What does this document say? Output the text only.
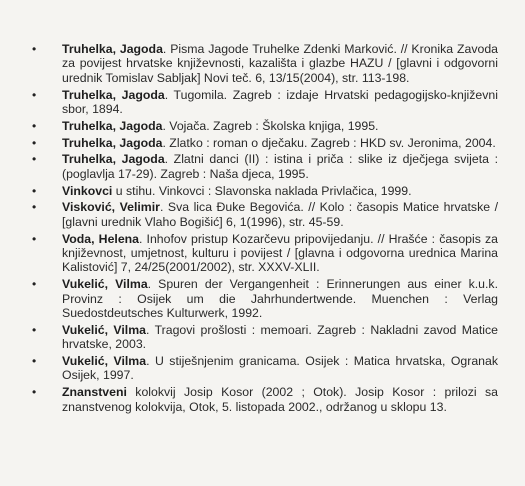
• Truhelka, Jagoda. Pisma Jagode Truhelke Zdenki Marković. // Kronika Zavoda za povijest hrvatske književnosti, kazališta i glazbe HAZU / [glavni i odgovorni urednik Tomislav Sabljak] Novi teč. 6, 13/15(2004), str. 113-198.
• Truhelka, Jagoda. Tugomila. Zagreb : izdaje Hrvatski pedagogijsko-književni sbor, 1894.
• Truhelka, Jagoda. Vojača. Zagreb : Školska knjiga, 1995.
• Truhelka, Jagoda. Zlatko : roman o dječaku. Zagreb : HKD sv. Jeronima, 2004.
• Truhelka, Jagoda. Zlatni danci (II) : istina i priča : slike iz dječjega svijeta : (poglavlja 17-29). Zagreb : Naša djeca, 1995.
• Vinkovci u stihu. Vinkovci : Slavonska naklada Privlačica, 1999.
• Visković, Velimir. Sva lica Đuke Begovića. // Kolo : časopis Matice hrvatske / [glavni urednik Vlaho Bogišić] 6, 1(1996), str. 45-59.
• Voda, Helena. Inhofov pristup Kozarčevu pripovijedanju. // Hrašće : časopis za književnost, umjetnost, kulturu i povijest / [glavna i odgovorna urednica Marina Kalistović] 7, 24/25(2001/2002), str. XXXV-XLII.
• Vukelić, Vilma. Spuren der Vergangenheit : Erinnerungen aus einer k.u.k. Provinz : Osijek um die Jahrhundertwende. Muenchen : Verlag Suedostdeutsches Kulturwerk, 1992.
• Vukelić, Vilma. Tragovi prošlosti : memoari. Zagreb : Nakladni zavod Matice hrvatske, 2003.
• Vukelić, Vilma. U stiješnjenim granicama. Osijek : Matica hrvatska, Ogranak Osijek, 1997.
• Znanstveni kolokvij Josip Kosor (2002 ; Otok). Josip Kosor : prilozi sa znanstvenog kolokvija, Otok, 5. listopada 2002., održanog u sklopu 13.
